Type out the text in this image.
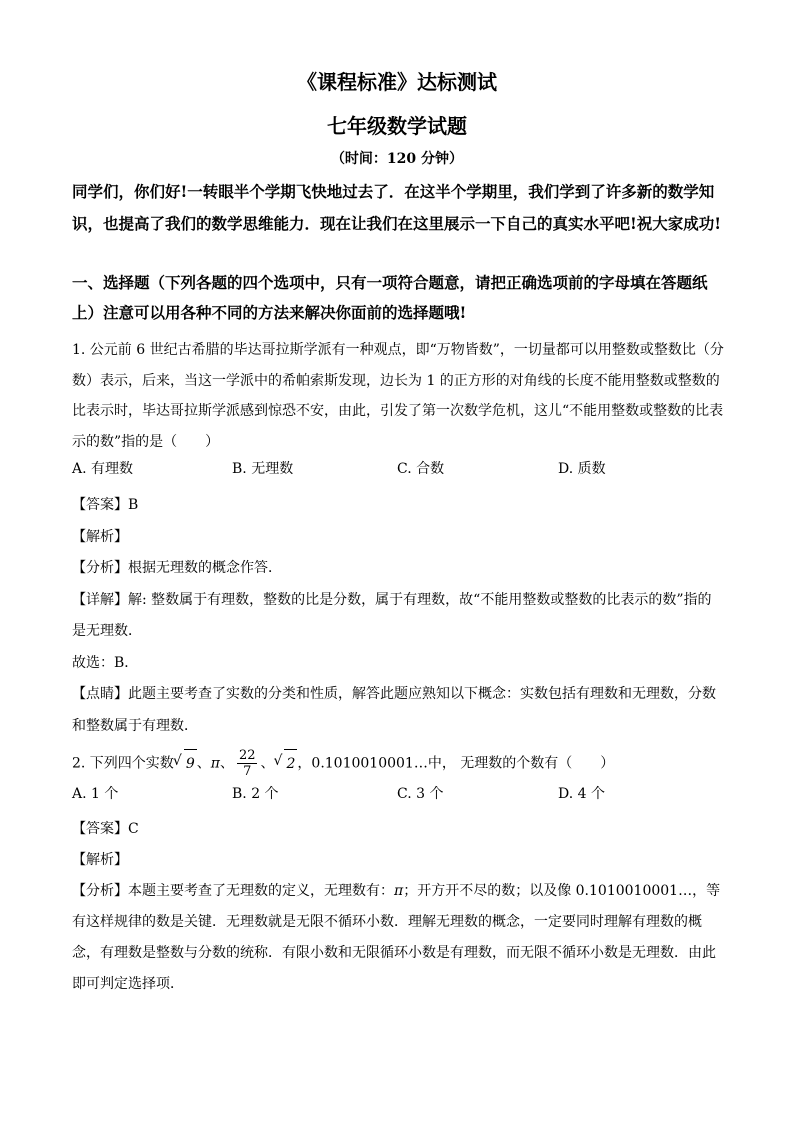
《课程标准》达标测试
七年级数学试题
（时间：120 分钟）
同学们，你们好!一转眼半个学期飞快地过去了．在这半个学期里，我们学到了许多新的数学知识，也提高了我们的数学思维能力．现在让我们在这里展示一下自己的真实水平吧!祝大家成功!
一、选择题（下列各题的四个选项中，只有一项符合题意，请把正确选项前的字母填在答题纸上）注意可以用各种不同的方法来解决你面前的选择题哦!
1. 公元前 6 世纪古希腊的毕达哥拉斯学派有一种观点，即“万物皆数”，一切量都可以用整数或整数比（分数）表示，后来，当这一学派中的希帕索斯发现，边长为 1 的正方形的对角线的长度不能用整数或整数的比表示时，毕达哥拉斯学派感到惊恐不安，由此，引发了第一次数学危机，这儿“不能用整数或整数的比表示的数”指的是（　　）
A. 有理数	B. 无理数	C. 合数	D. 质数
【答案】B
【解析】
【分析】根据无理数的概念作答．
【详解】解: 整数属于有理数，整数的比是分数，属于有理数，故“不能用整数或整数的比表示的数”指的是无理数．
故选：B．
【点睛】此题主要考查了实数的分类和性质，解答此题应熟知以下概念：实数包括有理数和无理数，分数和整数属于有理数．
2. 下列四个实数 √ 9 、π、 $\frac{22}{7}$ 、 √ 2 ，0.1010010001…中， 无理数的个数有（　　）
A. 1 个	B. 2 个	C. 3 个	D. 4 个
【答案】C
【解析】
【分析】本题主要考查了无理数的定义，无理数有：π；开方开不尽的数；以及像 0.1010010001…，等有这样规律的数是关键．无理数就是无限不循环小数．理解无理数的概念，一定要同时理解有理数的概念，有理数是整数与分数的统称．有限小数和无限循环小数是有理数，而无限不循环小数是无理数．由此即可判定选择项．
